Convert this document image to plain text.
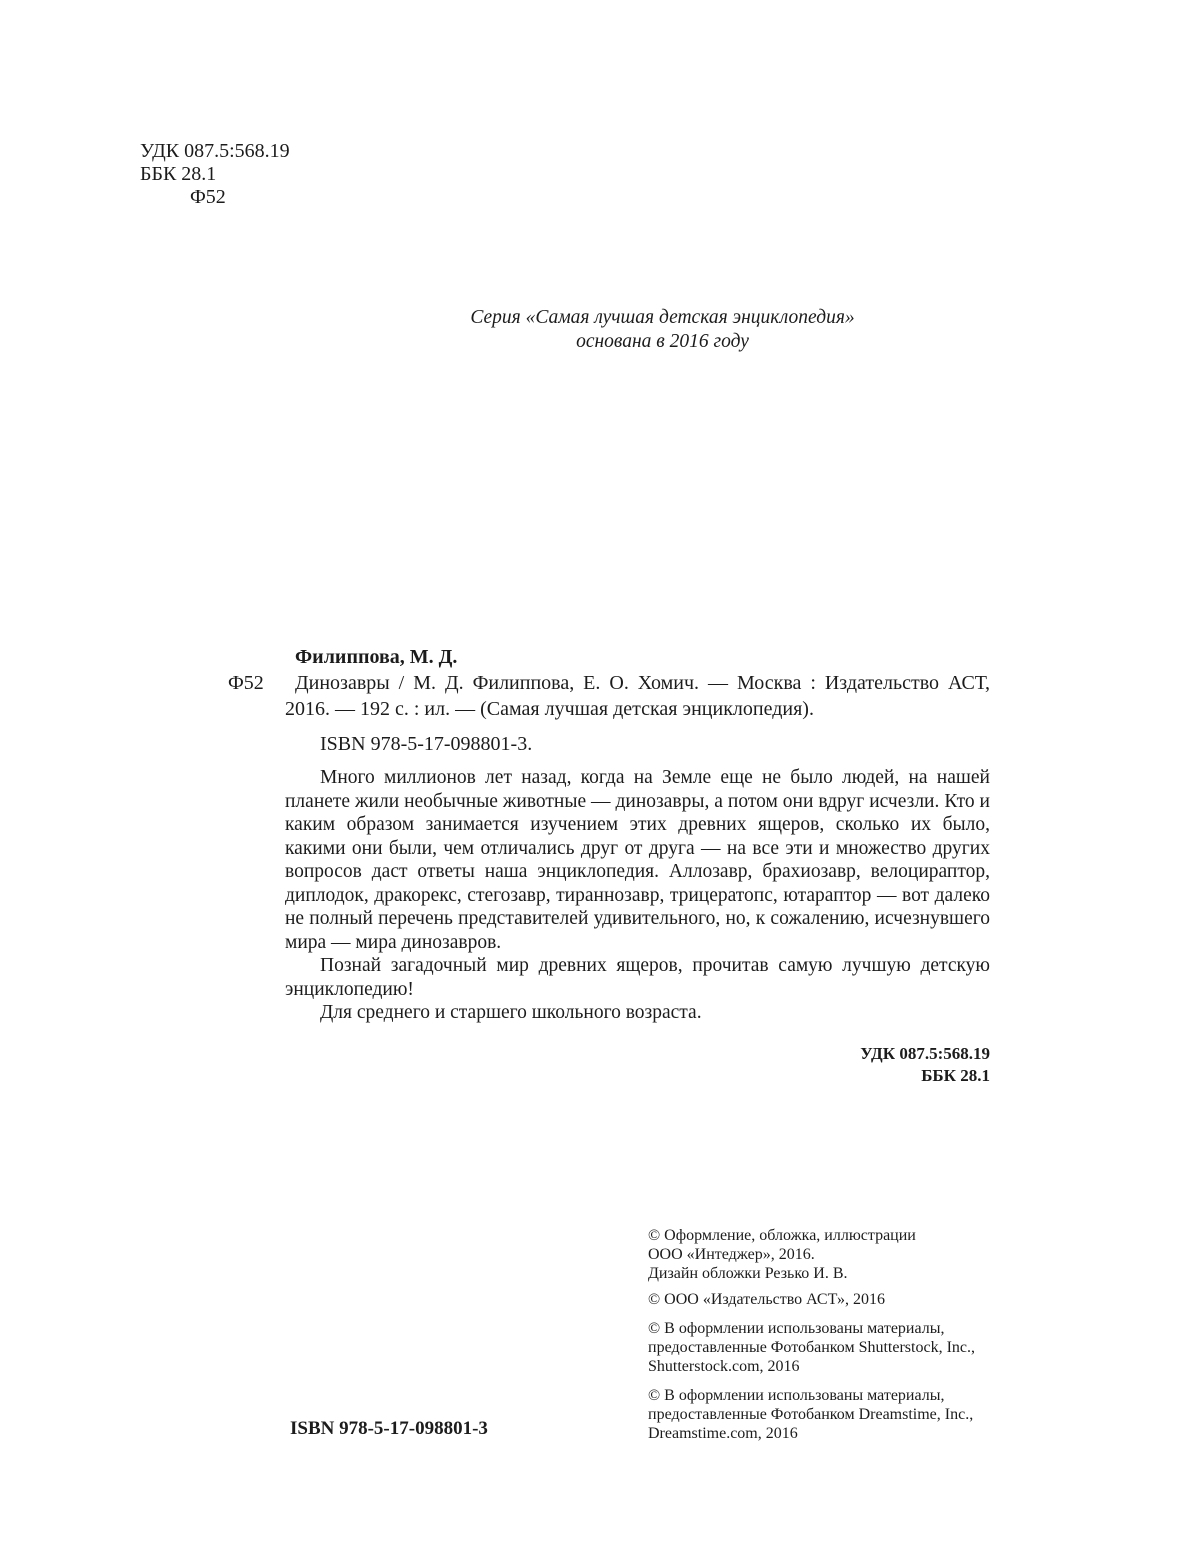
УДК 087.5:568.19
ББК 28.1
Ф52
Серия «Самая лучшая детская энциклопедия»
основана в 2016 году
Филиппова, М. Д.
Ф52	Динозавры / М. Д. Филиппова, Е. О. Хомич. — Москва : Издательство АСТ, 2016. — 192 с. : ил. — (Самая лучшая детская энциклопедия).
ISBN 978-5-17-098801-3.

Много миллионов лет назад, когда на Земле еще не было людей, на нашей планете жили необычные животные — динозавры, а потом они вдруг исчезли. Кто и каким образом занимается изучением этих древних ящеров, сколько их было, какими они были, чем отличались друг от друга — на все эти и множество других вопросов даст ответы наша энциклопедия. Аллозавр, брахиозавр, велоцираптор, диплодок, дракорекс, стегозавр, тираннозавр, трицератопс, ютараптор — вот далеко не полный перечень представителей удивительного, но, к сожалению, исчезнувшего мира — мира динозавров.

Познай загадочный мир древних ящеров, прочитав самую лучшую детскую энциклопедию!

Для среднего и старшего школьного возраста.

УДК 087.5:568.19
ББК 28.1
© Оформление, обложка, иллюстрации
ООО «Интеджер», 2016.
Дизайн обложки Резько И. В.
© ООО «Издательство АСТ», 2016
© В оформлении использованы материалы,
предоставленные Фотобанком Shutterstock, Inc.,
Shutterstock.com, 2016
© В оформлении использованы материалы,
предоставленные Фотобанком Dreamstime, Inc.,
Dreamstime.com, 2016
ISBN 978-5-17-098801-3
